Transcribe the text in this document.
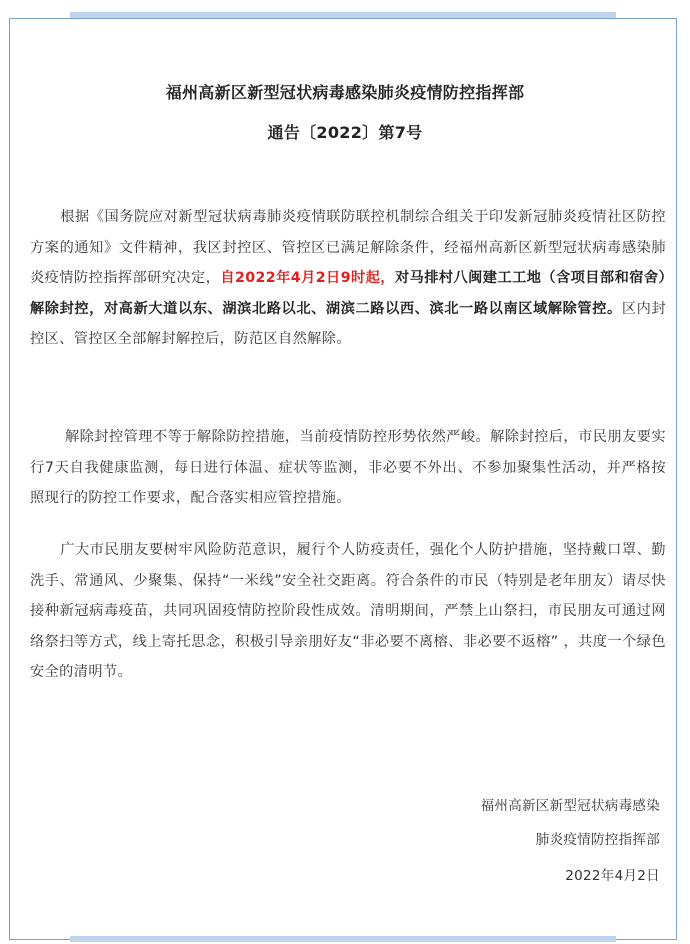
福州高新区新型冠状病毒感染肺炎疫情防控指挥部
通告〔2022〕第7号
根据《国务院应对新型冠状病毒肺炎疫情联防联控机制综合组关于印发新冠肺炎疫情社区防控方案的通知》文件精神，我区封控区、管控区已满足解除条件，经福州高新区新型冠状病毒感染肺炎疫情防控指挥部研究决定，自2022年4月2日9时起，对马排村八闽建工工地（含项目部和宿舍）解除封控，对高新大道以东、湖滨北路以北、湖滨二路以西、滨北一路以南区域解除管控。区内封控区、管控区全部解封解控后，防范区自然解除。
解除封控管理不等于解除防控措施，当前疫情防控形势依然严峻。解除封控后，市民朋友要实行7天自我健康监测，每日进行体温、症状等监测，非必要不外出、不参加聚集性活动，并严格按照现行的防控工作要求，配合落实相应管控措施。
广大市民朋友要树牢风险防范意识，履行个人防疫责任，强化个人防护措施，坚持戴口罩、勤洗手、常通风、少聚集、保持“一米线”安全社交距离。符合条件的市民（特别是老年朋友）请尽快接种新冠病毒疫苗，共同巩固疫情防控阶段性成效。清明期间，严禁上山祭扫，市民朋友可通过网络祭扫等方式，线上寄托思念，积极引导亲朋好友“非必要不离榕、非必要不返榕” ，共度一个绿色安全的清明节。
福州高新区新型冠状病毒感染
肺炎疫情防控指挥部
2022年4月2日
